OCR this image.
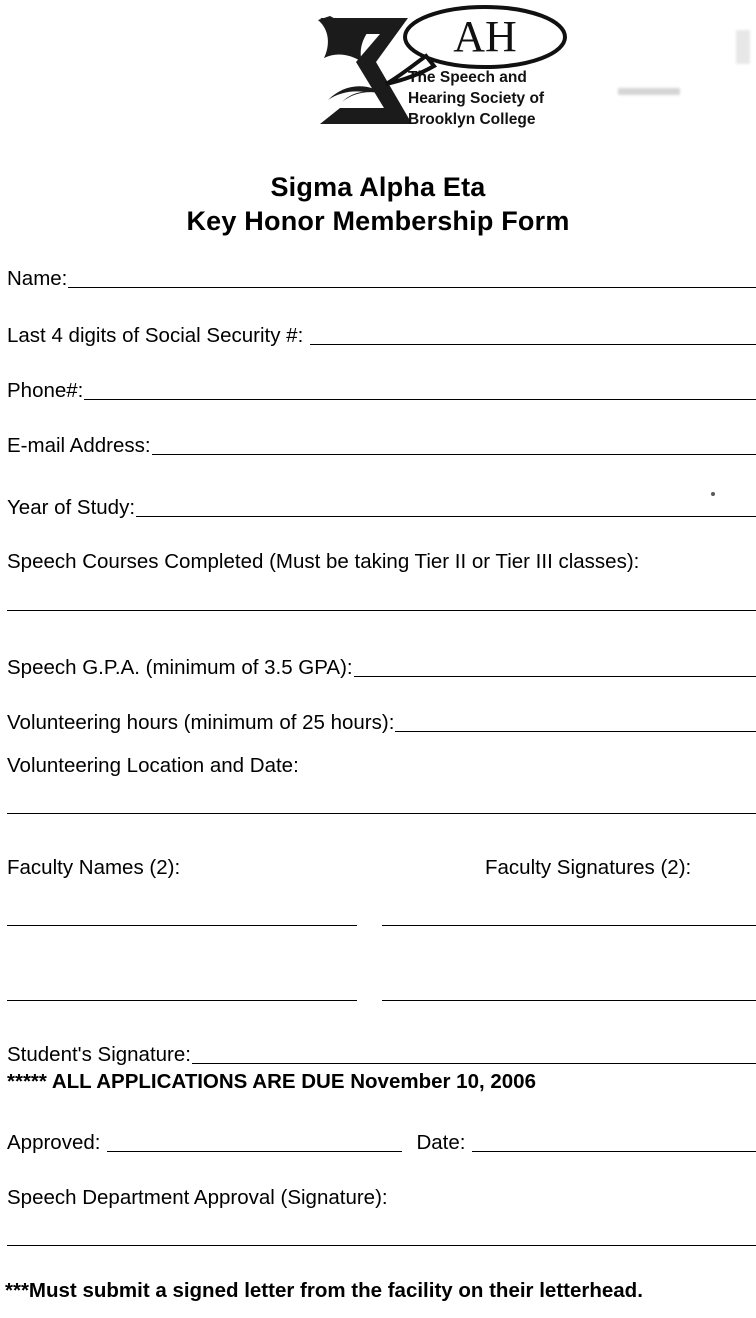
AH
The Speech and
Hearing Society of
Brooklyn College
Sigma Alpha Eta
Key Honor Membership Form
Name:
Last 4 digits of Social Security #:
Phone#:
E-mail Address:
Year of Study:
Speech Courses Completed (Must be taking Tier II or Tier III classes):
Speech G.P.A. (minimum of 3.5 GPA):
Volunteering hours (minimum of 25 hours):
Volunteering Location and Date:
Faculty Names (2):	Faculty Signatures (2):
Student's Signature:
***** ALL APPLICATIONS ARE DUE November 10, 2006
Approved:	Date:
Speech Department Approval (Signature):
***Must submit a signed letter from the facility on their letterhead.
